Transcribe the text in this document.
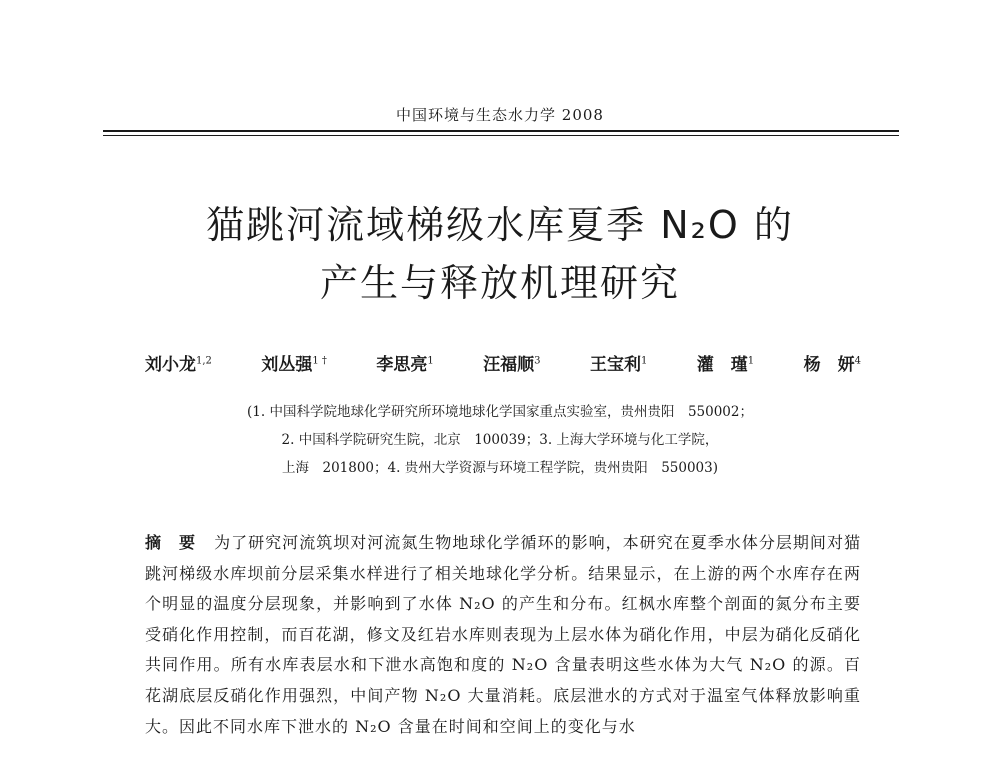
中国环境与生态水力学 2008
猫跳河流域梯级水库夏季 N₂O 的
产生与释放机理研究
刘小龙$^{1,2}$	刘丛强$^{1 \dagger}$	李思亮$^1$	汪福顺$^3$	王宝利$^1$	灌　瑾$^1$	杨　妍$^4$
(1. 中国科学院地球化学研究所环境地球化学国家重点实验室，贵州贵阳　550002；
2. 中国科学院研究生院，北京　100039；3. 上海大学环境与化工学院，
上海　201800；4. 贵州大学资源与环境工程学院，贵州贵阳　550003)
摘　要 为了研究河流筑坝对河流氮生物地球化学循环的影响，本研究在夏季水体分层期间对猫跳河梯级水库坝前分层采集水样进行了相关地球化学分析。结果显示，在上游的两个水库存在两个明显的温度分层现象，并影响到了水体 N₂O 的产生和分布。红枫水库整个剖面的氮分布主要受硝化作用控制，而百花湖，修文及红岩水库则表现为上层水体为硝化作用，中层为硝化反硝化共同作用。所有水库表层水和下泄水高饱和度的 N₂O 含量表明这些水体为大气 N₂O 的源。百花湖底层反硝化作用强烈，中间产物 N₂O 大量消耗。底层泄水的方式对于温室气体释放影响重大。因此不同水库下泄水的 N₂O 含量在时间和空间上的变化与水
